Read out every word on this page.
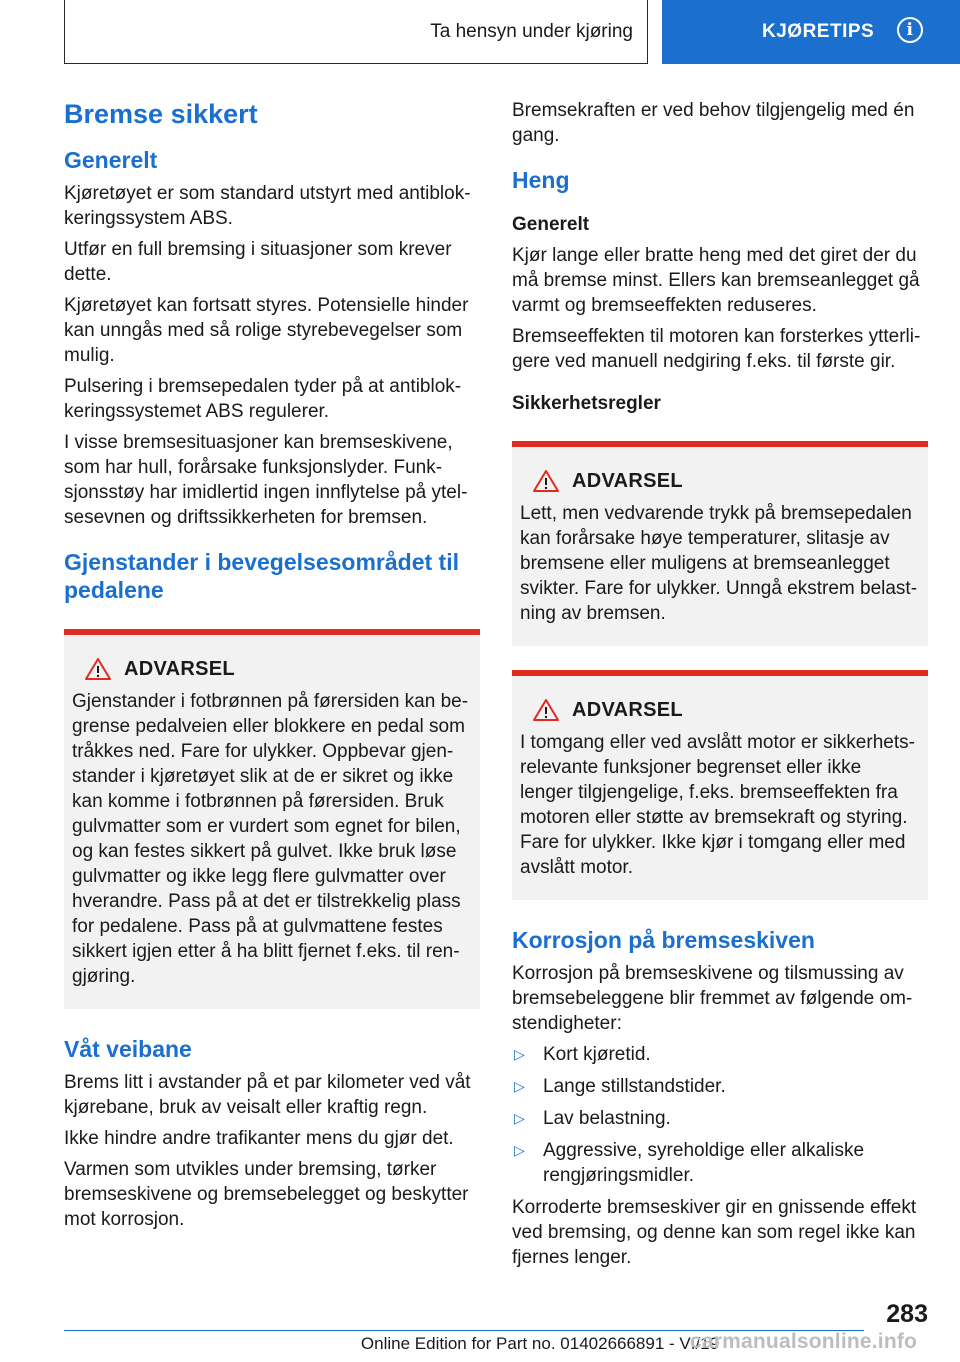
Ta hensyn under kjøring	KJØRETIPS	i
Bremse sikkert
Generelt

Kjøretøyet er som standard utstyrt med antiblokkeringssystem ABS.

Utfør en full bremsing i situasjoner som krever dette.

Kjøretøyet kan fortsatt styres. Potensielle hinder kan unngås med så rolige styrebevegelser som mulig.

Pulsering i bremsepedalen tyder på at antiblokkeringssystemet ABS regulerer.

I visse bremsesituasjoner kan bremseskivene, som har hull, forårsake funksjonslyder. Funksjonsstøy har imidlertid ingen innflytelse på ytelsesevnen og driftssikkerheten for bremsen.

Gjenstander i bevegelsesområdet til pedalene
ADVARSEL

Gjenstander i fotbrønnen på førersiden kan begrense pedalveien eller blokkere en pedal som tråkkes ned. Fare for ulykker. Oppbevar gjenstander i kjøretøyet slik at de er sikret og ikke kan komme i fotbrønnen på førersiden. Bruk gulvmatter som er vurdert som egnet for bilen, og kan festes sikkert på gulvet. Ikke bruk løse gulvmatter og ikke legg flere gulvmatter over hverandre. Pass på at det er tilstrekkelig plass for pedalene. Pass på at gulvmattene festes sikkert igjen etter å ha blitt fjernet f.eks. til rengjøring.

Våt veibane

Brems litt i avstander på et par kilometer ved våt kjørebane, bruk av veisalt eller kraftig regn.

Ikke hindre andre trafikanter mens du gjør det.

Varmen som utvikles under bremsing, tørker bremseskivene og bremsebelegget og beskytter mot korrosjon.

Bremsekraften er ved behov tilgjengelig med én gang.

Heng
Generelt

Kjør lange eller bratte heng med det giret der du må bremse minst. Ellers kan bremseanlegget gå varmt og bremseeffekten reduseres.

Bremseeffekten til motoren kan forsterkes ytterligere ved manuell nedgiring f.eks. til første gir.

Sikkerhetsregler
ADVARSEL

Lett, men vedvarende trykk på bremsepedalen kan forårsake høye temperaturer, slitasje av bremsene eller muligens at bremseanlegget svikter. Fare for ulykker. Unngå ekstrem belastning av bremsen.

ADVARSEL

I tomgang eller ved avslått motor er sikkerhetsrelevante funksjoner begrenset eller ikke lenger tilgjengelige, f.eks. bremseeffekten fra motoren eller støtte av bremsekraft og styring. Fare for ulykker. Ikke kjør i tomgang eller med avslått motor.

Korrosjon på bremseskiven

Korrosjon på bremseskivene og tilsmussing av bremsebeleggene blir fremmet av følgende omstendigheter:

▷ Kort kjøretid.
▷ Lange stillstandstider.
▷ Lav belastning.
▷ Aggressive, syreholdige eller alkaliske rengjøringsmidler.

Korroderte bremseskiver gir en gnissende effekt ved bremsing, og denne kan som regel ikke kan fjernes lenger.

283
Online Edition for Part no. 01402666891 - VI/19
carmanualsonline.info
